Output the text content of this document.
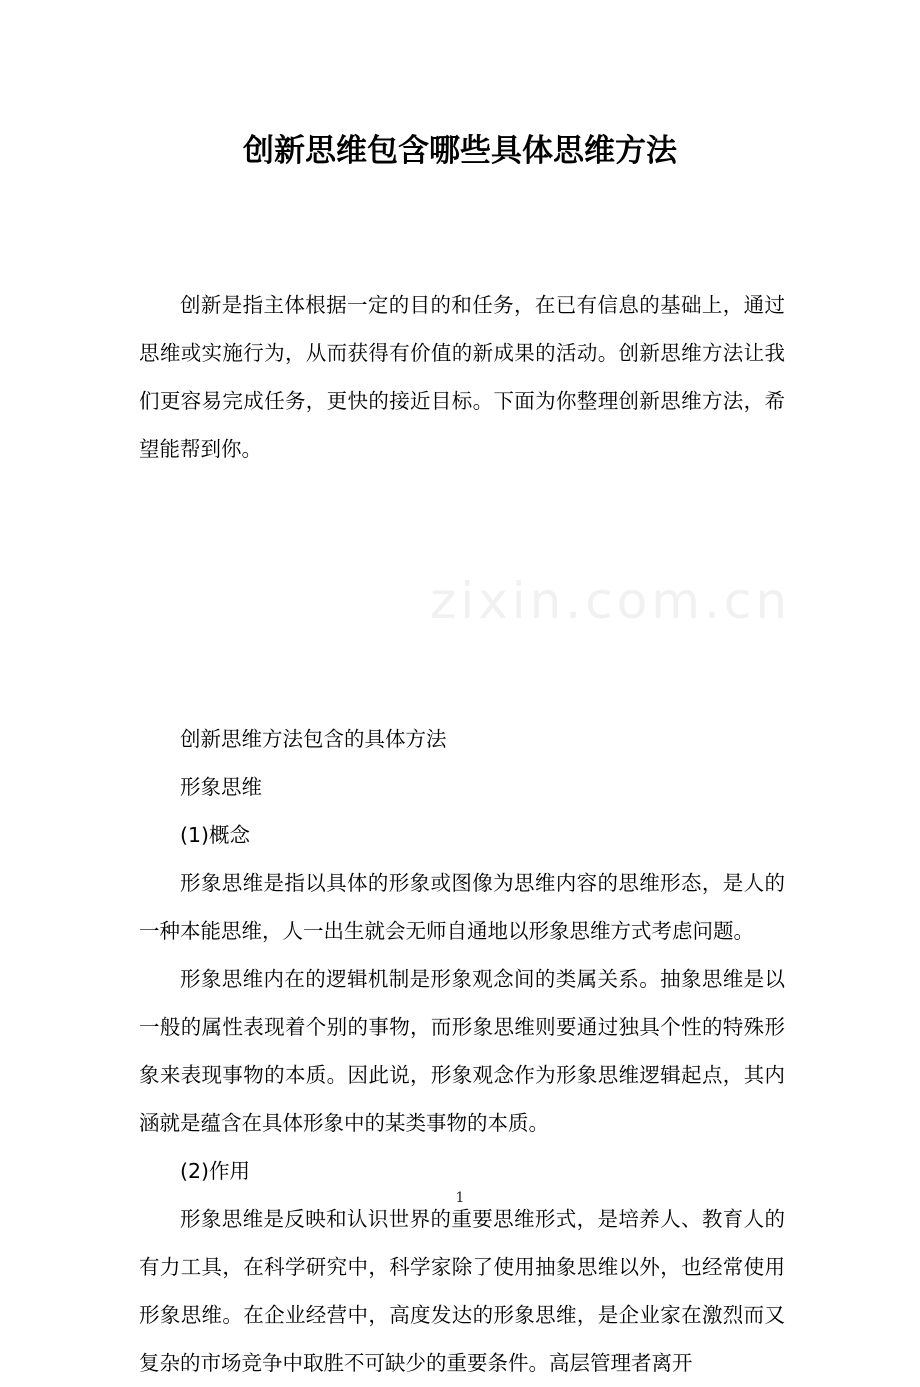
zixin.com.cn
创新思维包含哪些具体思维方法

创新是指主体根据一定的目的和任务，在已有信息的基础上，通过思维或实施行为，从而获得有价值的新成果的活动。创新思维方法让我们更容易完成任务，更快的接近目标。下面为你整理创新思维方法，希望能帮到你。

创新思维方法包含的具体方法

形象思维

(1)概念

形象思维是指以具体的形象或图像为思维内容的思维形态，是人的一种本能思维，人一出生就会无师自通地以形象思维方式考虑问题。

形象思维内在的逻辑机制是形象观念间的类属关系。抽象思维是以一般的属性表现着个别的事物，而形象思维则要通过独具个性的特殊形象来表现事物的本质。因此说，形象观念作为形象思维逻辑起点，其内涵就是蕴含在具体形象中的某类事物的本质。

(2)作用

形象思维是反映和认识世界的重要思维形式，是培养人、教育人的有力工具，在科学研究中，科学家除了使用抽象思维以外，也经常使用形象思维。在企业经营中，高度发达的形象思维，是企业家在激烈而又复杂的市场竞争中取胜不可缺少的重要条件。高层管理者离开

1
